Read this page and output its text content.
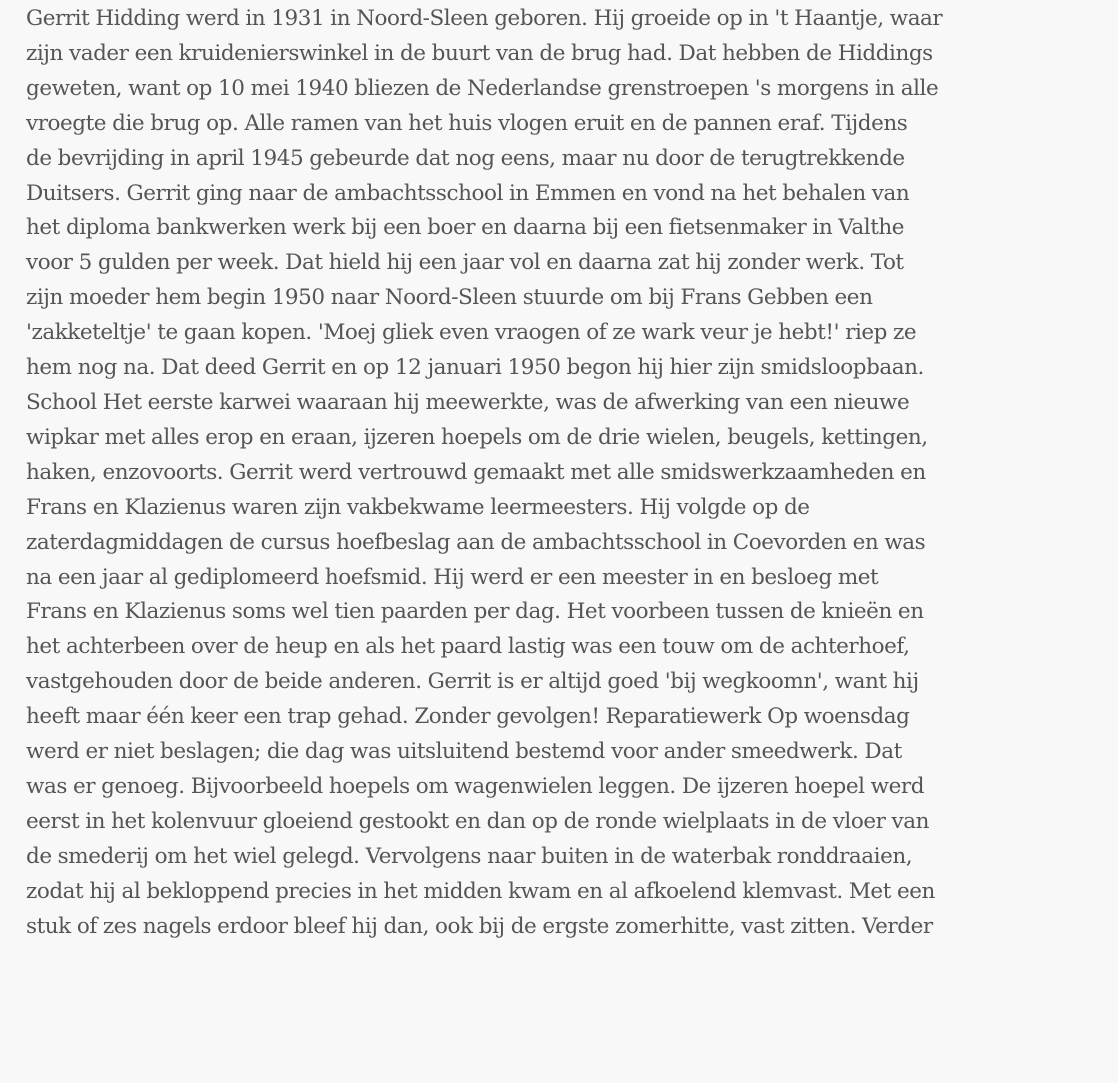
Gerrit Hidding werd in 1931 in Noord-Sleen geboren. Hij groeide op in 't Haantje, waar
zijn vader een kruidenierswinkel in de buurt van de brug had. Dat hebben de Hiddings
geweten, want op 10 mei 1940 bliezen de Nederlandse grenstroepen 's morgens in alle
vroegte die brug op. Alle ramen van het huis vlogen eruit en de pannen eraf. Tijdens
de bevrijding in april 1945 gebeurde dat nog eens, maar nu door de terugtrekkende
Duitsers. Gerrit ging naar de ambachtsschool in Emmen en vond na het behalen van
het diploma bankwerken werk bij een boer en daarna bij een fietsenmaker in Valthe
voor 5 gulden per week. Dat hield hij een jaar vol en daarna zat hij zonder werk. Tot
zijn moeder hem begin 1950 naar Noord-Sleen stuurde om bij Frans Gebben een
'zakketeltje' te gaan kopen. 'Moej gliek even vraogen of ze wark veur je hebt!' riep ze
hem nog na. Dat deed Gerrit en op 12 januari 1950 begon hij hier zijn smidsloopbaan.
School Het eerste karwei waaraan hij meewerkte, was de afwerking van een nieuwe
wipkar met alles erop en eraan, ijzeren hoepels om de drie wielen, beugels, kettingen,
haken, enzovoorts. Gerrit werd vertrouwd gemaakt met alle smidswerkzaamheden en
Frans en Klazienus waren zijn vakbekwame leermeesters. Hij volgde op de
zaterdagmiddagen de cursus hoefbeslag aan de ambachtsschool in Coevorden en was
na een jaar al gediplomeerd hoefsmid. Hij werd er een meester in en besloeg met
Frans en Klazienus soms wel tien paarden per dag. Het voorbeen tussen de knieën en
het achterbeen over de heup en als het paard lastig was een touw om de achterhoef,
vastgehouden door de beide anderen. Gerrit is er altijd goed 'bij wegkoomn', want hij
heeft maar één keer een trap gehad. Zonder gevolgen! Reparatiewerk Op woensdag
werd er niet beslagen; die dag was uitsluitend bestemd voor ander smeedwerk. Dat
was er genoeg. Bijvoorbeeld hoepels om wagenwielen leggen. De ijzeren hoepel werd
eerst in het kolenvuur gloeiend gestookt en dan op de ronde wielplaats in de vloer van
de smederij om het wiel gelegd. Vervolgens naar buiten in de waterbak ronddraaien,
zodat hij al bekloppend precies in het midden kwam en al afkoelend klemvast. Met een
stuk of zes nagels erdoor bleef hij dan, ook bij de ergste zomerhitte, vast zitten. Verder
